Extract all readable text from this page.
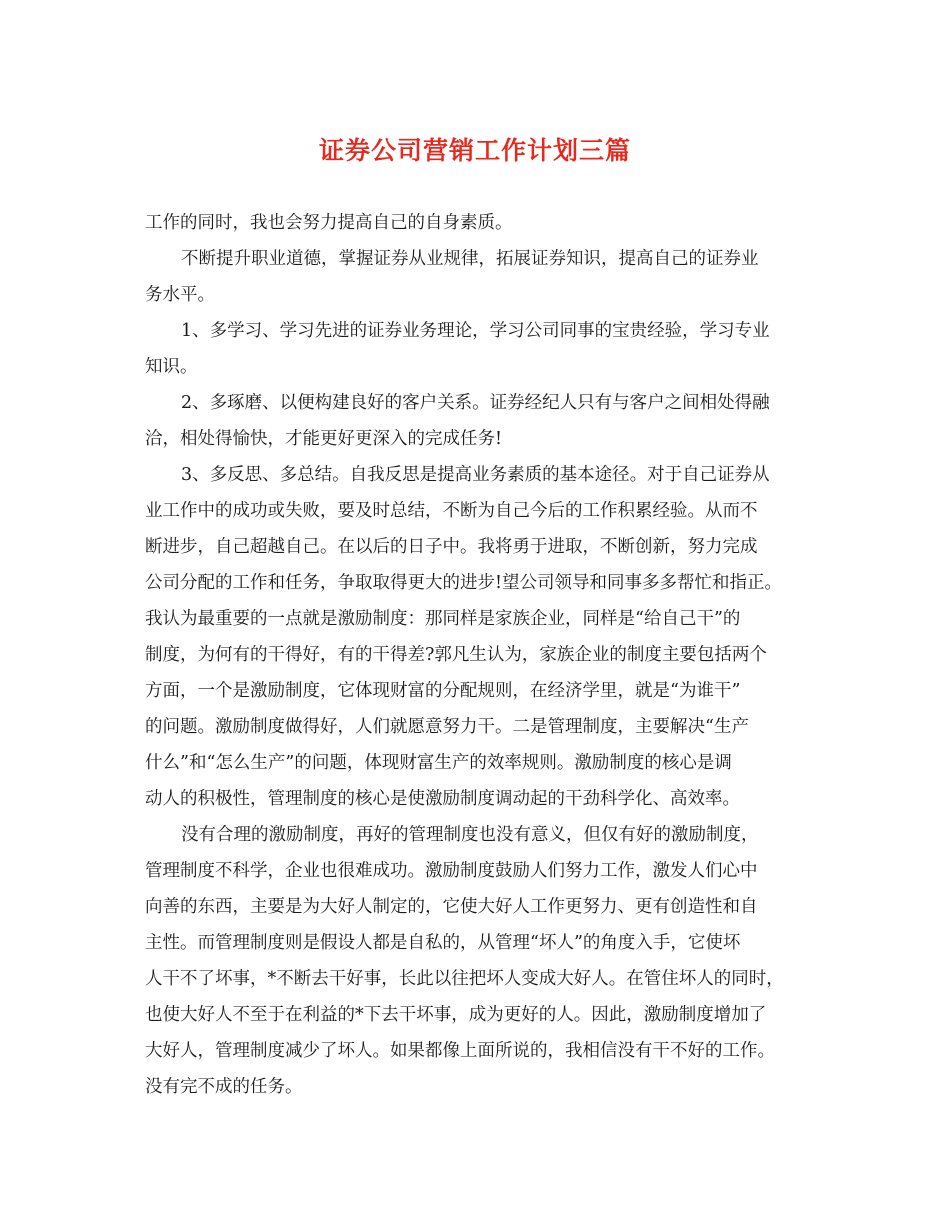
证券公司营销工作计划三篇
工作的同时，我也会努力提高自己的自身素质。
不断提升职业道德，掌握证券从业规律，拓展证券知识，提高自己的证券业
务水平。
1、多学习、学习先进的证券业务理论，学习公司同事的宝贵经验，学习专业
知识。
2、多琢磨、以便构建良好的客户关系。证券经纪人只有与客户之间相处得融
洽，相处得愉快，才能更好更深入的完成任务!
3、多反思、多总结。自我反思是提高业务素质的基本途径。对于自己证券从
业工作中的成功或失败，要及时总结，不断为自己今后的工作积累经验。从而不
断进步，自己超越自己。在以后的日子中。我将勇于进取，不断创新，努力完成
公司分配的工作和任务，争取取得更大的进步!望公司领导和同事多多帮忙和指正。
我认为最重要的一点就是激励制度：那同样是家族企业，同样是“给自己干”的
制度，为何有的干得好，有的干得差?郭凡生认为，家族企业的制度主要包括两个
方面，一个是激励制度，它体现财富的分配规则，在经济学里，就是“为谁干”
的问题。激励制度做得好，人们就愿意努力干。二是管理制度，主要解决“生产
什么”和“怎么生产”的问题，体现财富生产的效率规则。激励制度的核心是调
动人的积极性，管理制度的核心是使激励制度调动起的干劲科学化、高效率。
没有合理的激励制度，再好的管理制度也没有意义，但仅有好的激励制度，
管理制度不科学，企业也很难成功。激励制度鼓励人们努力工作，激发人们心中
向善的东西，主要是为大好人制定的，它使大好人工作更努力、更有创造性和自
主性。而管理制度则是假设人都是自私的，从管理“坏人”的角度入手，它使坏
人干不了坏事，*不断去干好事，长此以往把坏人变成大好人。在管住坏人的同时，
也使大好人不至于在利益的*下去干坏事，成为更好的人。因此，激励制度增加了
大好人，管理制度减少了坏人。如果都像上面所说的，我相信没有干不好的工作。
没有完不成的任务。
